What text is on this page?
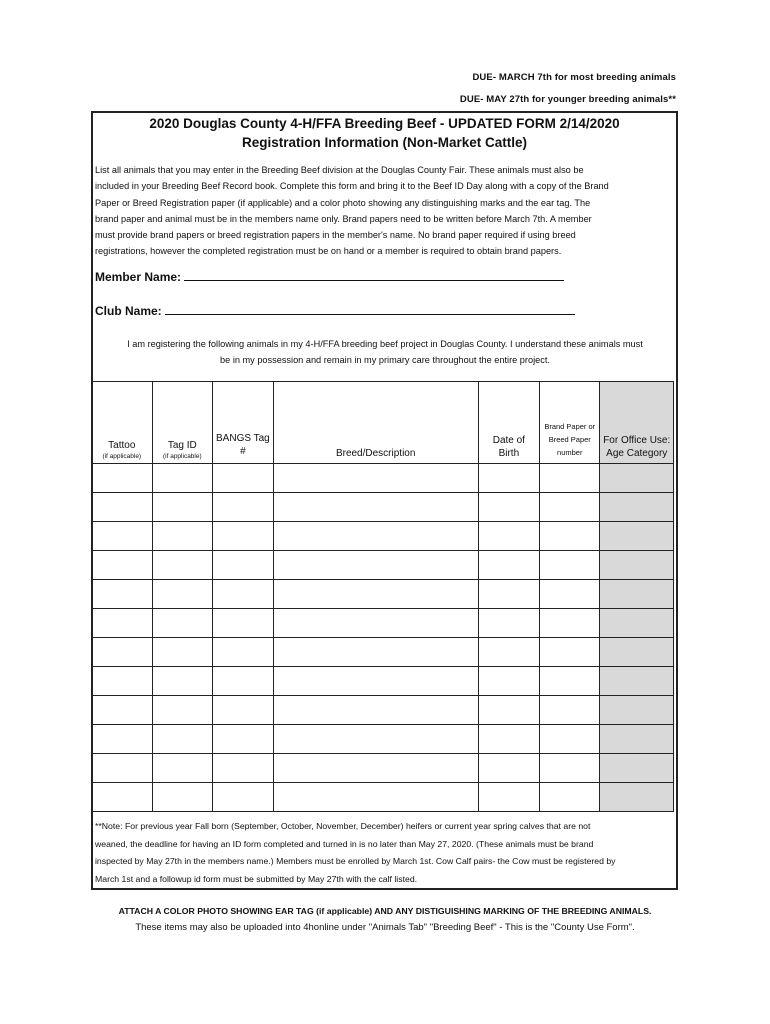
DUE- MARCH 7th for most breeding animals
DUE- MAY 27th for younger breeding animals**
2020 Douglas County 4-H/FFA Breeding Beef - UPDATED FORM 2/14/2020
Registration Information (Non-Market Cattle)

List all animals that you may enter in the Breeding Beef division at the Douglas County Fair. These animals must also be

included in your Breeding Beef Record book. Complete this form and bring it to the Beef ID Day along with a copy of the Brand

Paper or Breed Registration paper (if applicable) and a color photo showing any distinguishing marks and the ear tag. The

brand paper and animal must be in the members name only. Brand papers need to be written before March 7th. A member

must provide brand papers or breed registration papers in the member's name. No brand paper required if using breed

registrations, however the completed registration must be on hand or a member is required to obtain brand papers.

Member Name:
Club Name:
I am registering the following animals in my 4-H/FFA breeding beef project in Douglas County. I understand these animals must
be in my possession and remain in my primary care throughout the entire project.
Tattoo
(if applicable)	Tag ID
(if applicable)	BANGS Tag
#	Breed/Description	Date of
Birth	Brand Paper or
Breed Paper
number	For Office Use:
Age Category

**Note: For previous year Fall born (September, October, November, December) heifers or current year spring calves that are not

weaned, the deadline for having an ID form completed and turned in is no later than May 27, 2020. (These animals must be brand

inspected by May 27th in the members name.) Members must be enrolled by March 1st. Cow Calf pairs- the Cow must be registered by

March 1st and a followup id form must be submitted by May 27th with the calf listed.

ATTACH A COLOR PHOTO SHOWING EAR TAG (if applicable) AND ANY DISTIGUISHING MARKING OF THE BREEDING ANIMALS.
These items may also be uploaded into 4honline under "Animals Tab" "Breeding Beef" - This is the "County Use Form".
